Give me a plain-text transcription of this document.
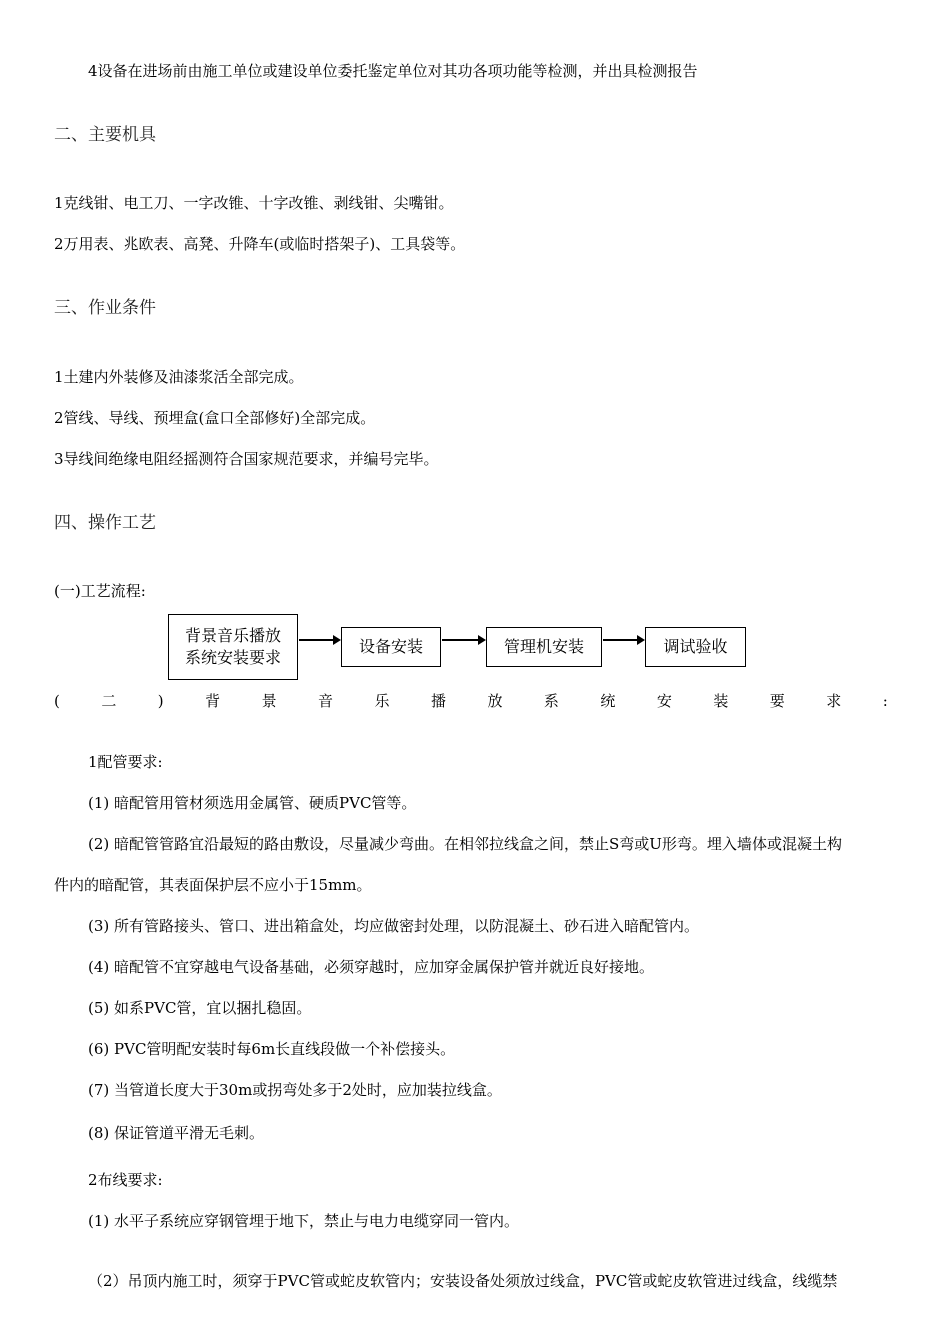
4设备在进场前由施工单位或建设单位委托鉴定单位对其功各项功能等检测，并出具检测报告
二、主要机具
1克线钳、电工刀、一字改锥、十字改锥、剥线钳、尖嘴钳。
2万用表、兆欧表、高凳、升降车(或临时搭架子)、工具袋等。
三、作业条件
1土建内外装修及油漆浆活全部完成。
2管线、导线、预埋盒(盒口全部修好)全部完成。
3导线间绝缘电阻经摇测符合国家规范要求，并编号完毕。
四、操作工艺
(一)工艺流程:
背景音乐播放
系统安装要求
设备安装	管理机安装	调试验收
(	二	)	背	景	音	乐	播	放	系	统	安	装	要	求	:
1配管要求:
(1) 暗配管用管材须选用金属管、硬质PVC管等。
(2) 暗配管管路宜沿最短的路由敷设，尽量减少弯曲。在相邻拉线盒之间，禁止S弯或U形弯。埋入墙体或混凝土构
件内的暗配管，其表面保护层不应小于15mm。
(3) 所有管路接头、管口、进出箱盒处，均应做密封处理，以防混凝土、砂石进入暗配管内。
(4) 暗配管不宜穿越电气设备基础，必须穿越时，应加穿金属保护管并就近良好接地。
(5) 如系PVC管，宜以捆扎稳固。
(6) PVC管明配安装时每6m长直线段做一个补偿接头。
(7) 当管道长度大于30m或拐弯处多于2处时，应加装拉线盒。
(8) 保证管道平滑无毛刺。
2布线要求:
(1) 水平子系统应穿钢管埋于地下，禁止与电力电缆穿同一管内。
（2）吊顶内施工时，须穿于PVC管或蛇皮软管内；安装设备处须放过线盒，PVC管或蛇皮软管进过线盒，线缆禁
